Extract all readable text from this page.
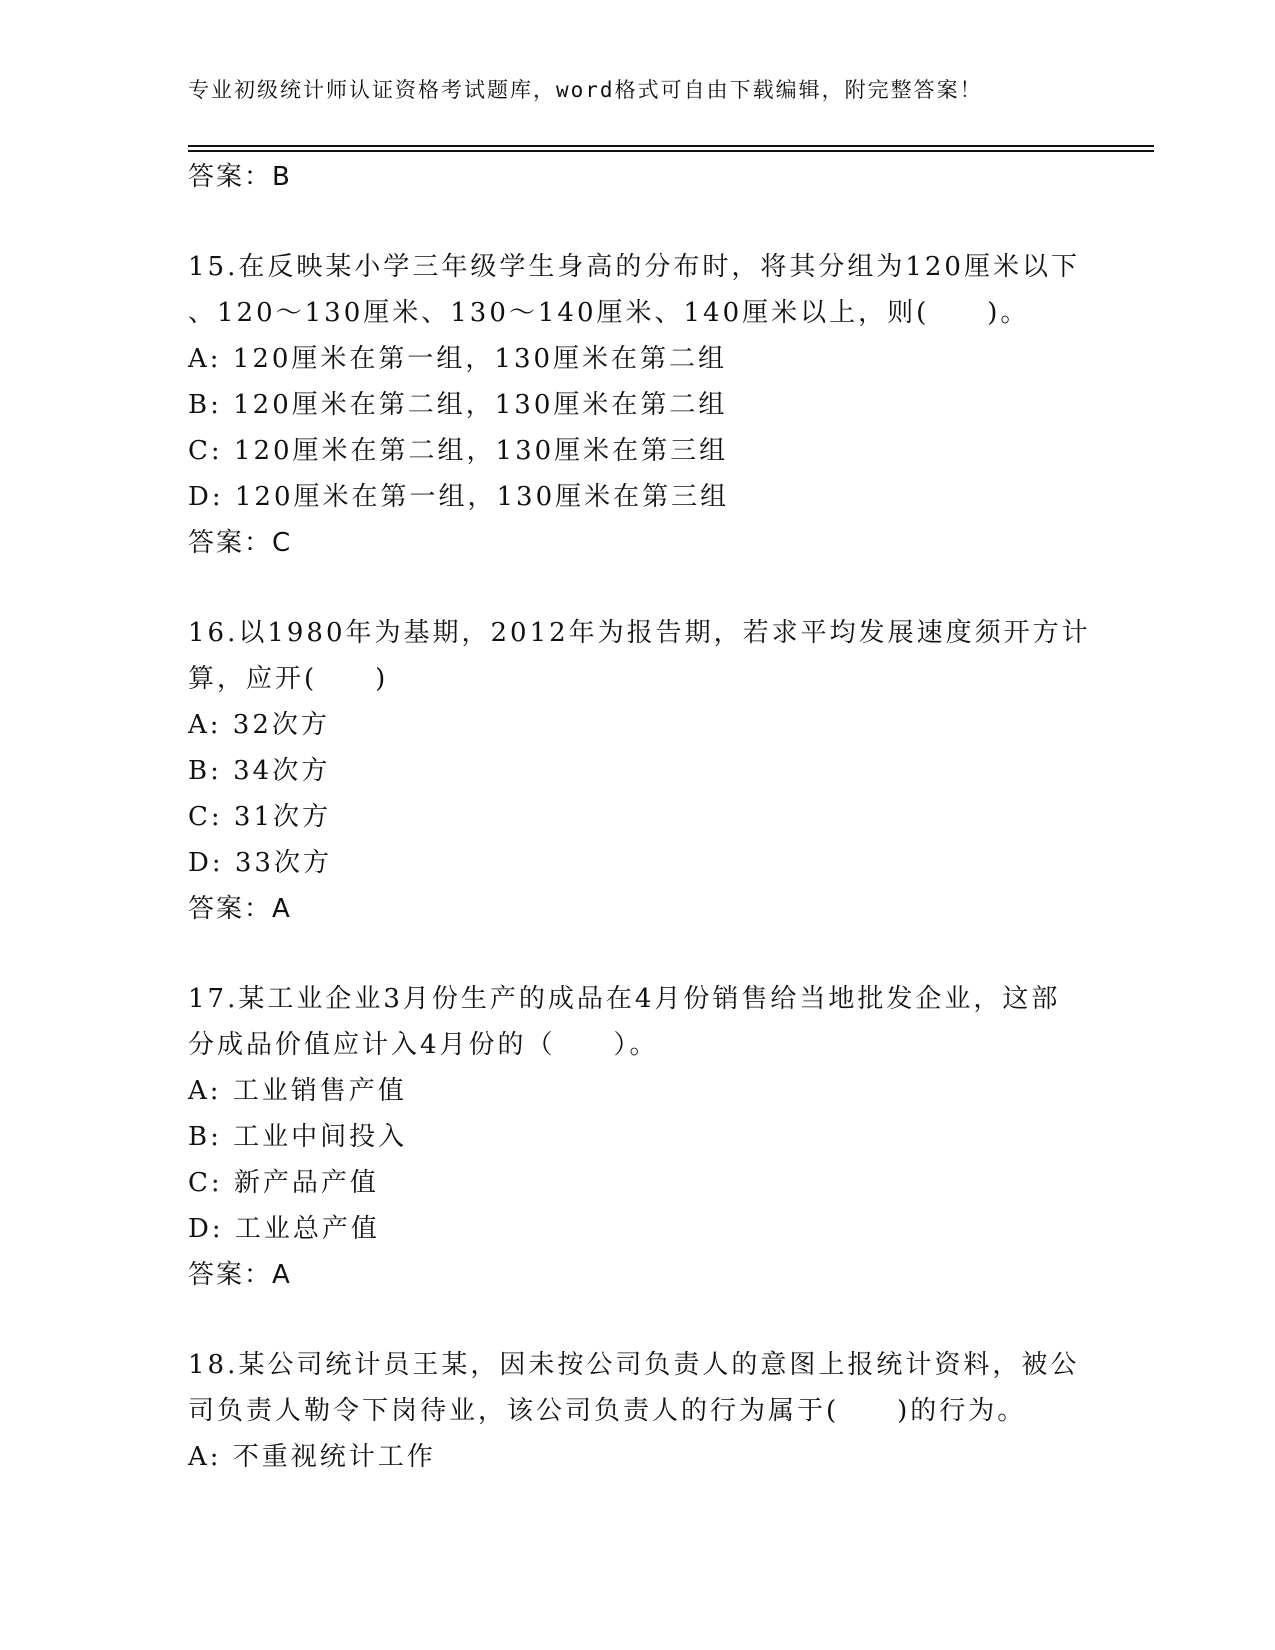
专业初级统计师认证资格考试题库，word格式可自由下载编辑，附完整答案！
答案：B
15.在反映某小学三年级学生身高的分布时，将其分组为120厘米以下
、120～130厘米、130～140厘米、140厘米以上，则(　　)。
A: 120厘米在第一组，130厘米在第二组
B: 120厘米在第二组，130厘米在第二组
C: 120厘米在第二组，130厘米在第三组
D: 120厘米在第一组，130厘米在第三组
答案：C
16.以1980年为基期，2012年为报告期，若求平均发展速度须开方计
算，应开(　　)
A: 32次方
B: 34次方
C: 31次方
D: 33次方
答案：A
17.某工业企业3月份生产的成品在4月份销售给当地批发企业，这部
分成品价值应计入4月份的（　　）。
A: 工业销售产值
B: 工业中间投入
C: 新产品产值
D: 工业总产值
答案：A
18.某公司统计员王某，因未按公司负责人的意图上报统计资料，被公
司负责人勒令下岗待业，该公司负责人的行为属于(　　)的行为。
A: 不重视统计工作
